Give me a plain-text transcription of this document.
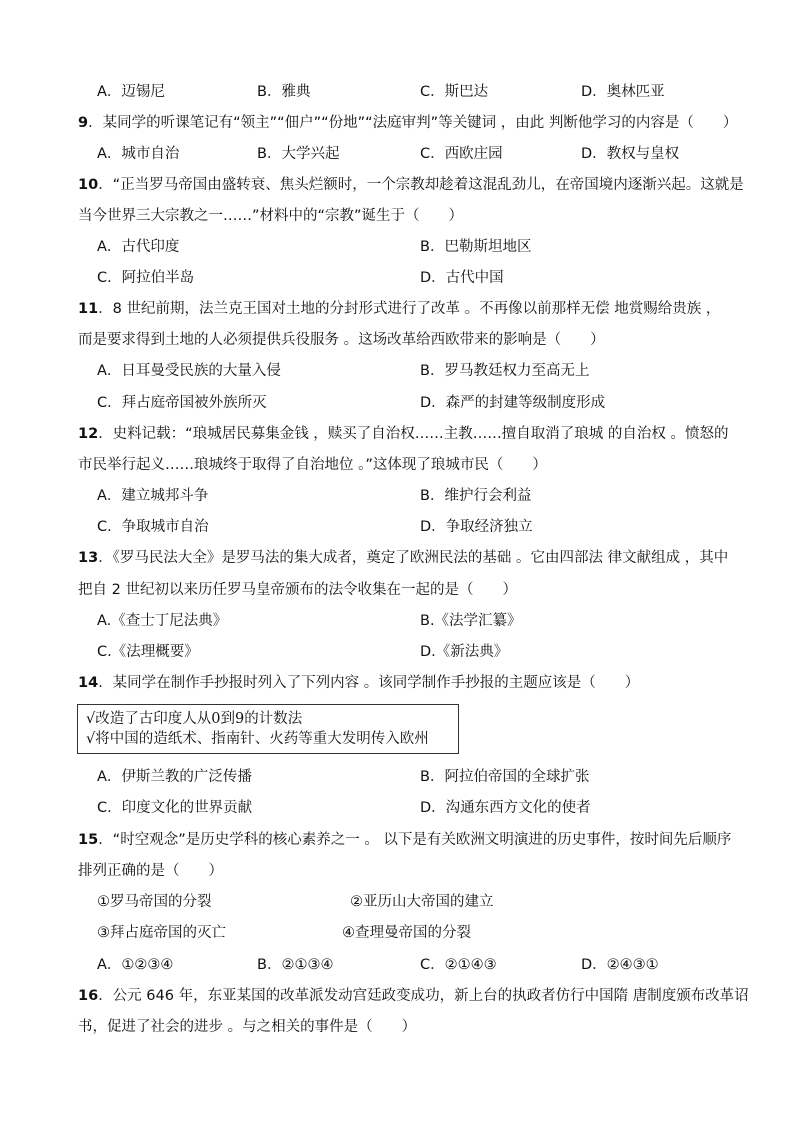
A．迈锡尼	B．雅典	C．斯巴达	D．奥林匹亚
9．某同学的听课笔记有“领主”“佃户”“份地”“法庭审判”等关键词 ，由此 判断他学习的内容是（　　）
A．城市自治	B．大学兴起	C．西欧庄园	D．教权与皇权
10．“正当罗马帝国由盛转衰、焦头烂额时，一个宗教却趁着这混乱劲儿，在帝国境内逐渐兴起。这就是
当今世界三大宗教之一……”材料中的“宗教”诞生于（　　）
A．古代印度	B．巴勒斯坦地区
C．阿拉伯半岛	D．古代中国
11．8 世纪前期，法兰克王国对土地的分封形式进行了改革 。不再像以前那样无偿 地赏赐给贵族 ，
而是要求得到土地的人必须提供兵役服务 。这场改革给西欧带来的影响是（　　）
A．日耳曼受民族的大量入侵	B．罗马教廷权力至高无上
C．拜占庭帝国被外族所灭	D．森严的封建等级制度形成
12．史料记载：“琅城居民募集金钱 ，赎买了自治权……主教……擅自取消了琅城 的自治权 。愤怒的
市民举行起义……琅城终于取得了自治地位 。”这体现了琅城市民（　　）
A．建立城邦斗争	B．维护行会利益
C．争取城市自治	D．争取经济独立
13．《罗马民法大全》是罗马法的集大成者，奠定了欧洲民法的基础 。它由四部法 律文献组成 ，其中
把自 2 世纪初以来历任罗马皇帝颁布的法令收集在一起的是（　　）
A.《查士丁尼法典》	B.《法学汇纂》
C.《法理概要》	D.《新法典》
14．某同学在制作手抄报时列入了下列内容 。该同学制作手抄报的主题应该是（　　）
√改造了古印度人从0到9的计数法
√将中国的造纸术、指南针、火药等重大发明传入欧州
A．伊斯兰教的广泛传播	B．阿拉伯帝国的全球扩张
C．印度文化的世界贡献	D．沟通东西方文化的使者
15．“时空观念”是历史学科的核心素养之一 。 以下是有关欧洲文明演进的历史事件，按时间先后顺序
排列正确的是（　　）
①罗马帝国的分裂	②亚历山大帝国的建立
③拜占庭帝国的灭亡	④查理曼帝国的分裂
A．①②③④	B．②①③④	C．②①④③	D．②④③①
16．公元 646 年，东亚某国的改革派发动宫廷政变成功，新上台的执政者仿行中国隋 唐制度颁布改革诏
书，促进了社会的进步 。与之相关的事件是（　　）
